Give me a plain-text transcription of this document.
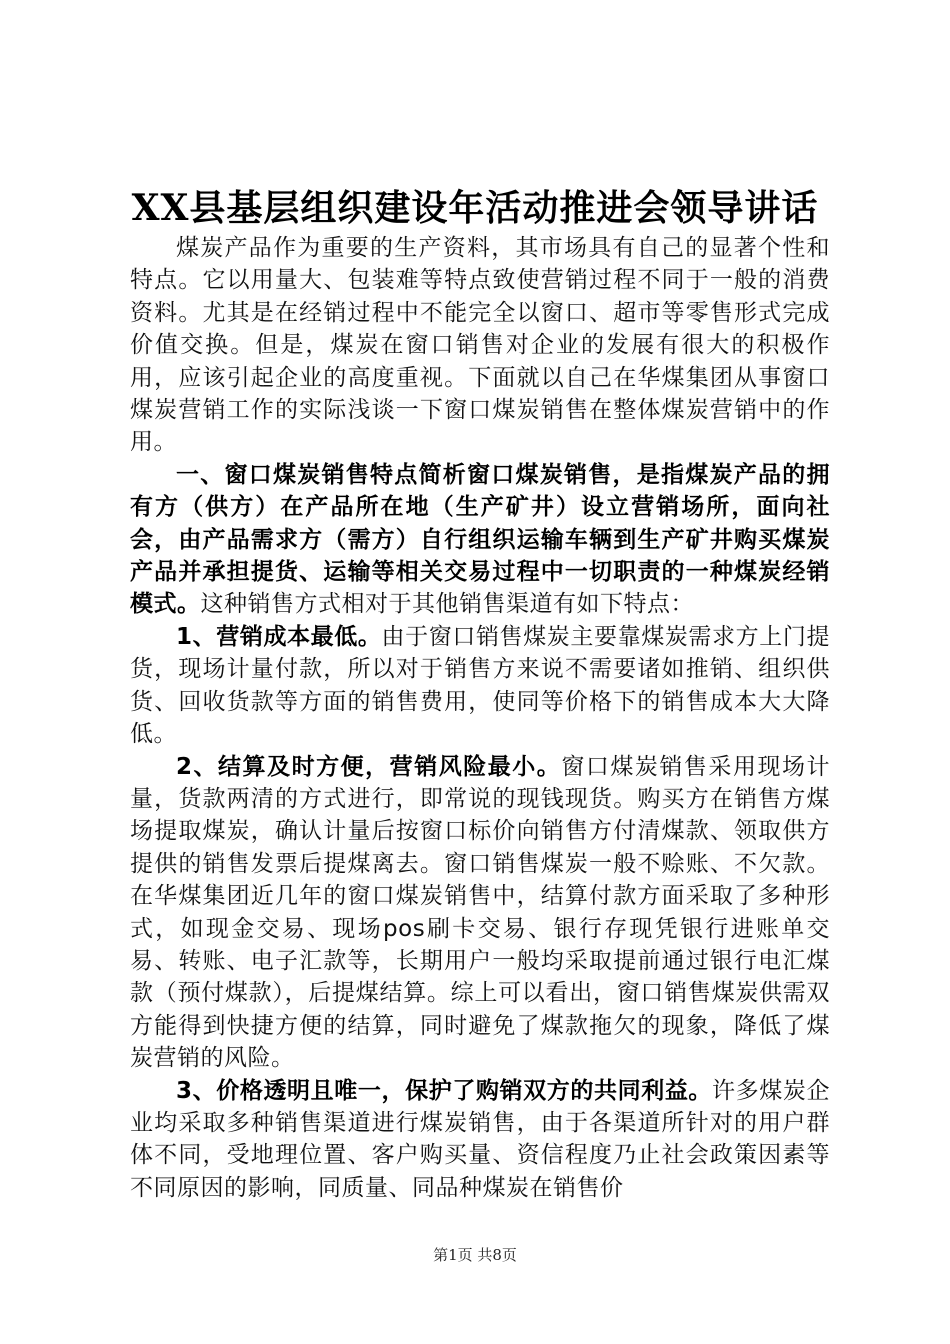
XX县基层组织建设年活动推进会领导讲话

煤炭产品作为重要的生产资料，其市场具有自己的显著个性和特点。它以用量大、包装难等特点致使营销过程不同于一般的消费资料。尤其是在经销过程中不能完全以窗口、超市等零售形式完成价值交换。但是，煤炭在窗口销售对企业的发展有很大的积极作用，应该引起企业的高度重视。下面就以自己在华煤集团从事窗口煤炭营销工作的实际浅谈一下窗口煤炭销售在整体煤炭营销中的作用。

一、窗口煤炭销售特点简析窗口煤炭销售，是指煤炭产品的拥有方（供方）在产品所在地（生产矿井）设立营销场所，面向社会，由产品需求方（需方）自行组织运输车辆到生产矿井购买煤炭产品并承担提货、运输等相关交易过程中一切职责的一种煤炭经销模式。这种销售方式相对于其他销售渠道有如下特点：

1、营销成本最低。由于窗口销售煤炭主要靠煤炭需求方上门提货，现场计量付款，所以对于销售方来说不需要诸如推销、组织供货、回收货款等方面的销售费用，使同等价格下的销售成本大大降低。

2、结算及时方便，营销风险最小。窗口煤炭销售采用现场计量，货款两清的方式进行，即常说的现钱现货。购买方在销售方煤场提取煤炭，确认计量后按窗口标价向销售方付清煤款、领取供方提供的销售发票后提煤离去。窗口销售煤炭一般不赊账、不欠款。在华煤集团近几年的窗口煤炭销售中，结算付款方面采取了多种形式，如现金交易、现场pos刷卡交易、银行存现凭银行进账单交易、转账、电子汇款等，长期用户一般均采取提前通过银行电汇煤款（预付煤款），后提煤结算。综上可以看出，窗口销售煤炭供需双方能得到快捷方便的结算，同时避免了煤款拖欠的现象，降低了煤炭营销的风险。

3、价格透明且唯一，保护了购销双方的共同利益。许多煤炭企业均采取多种销售渠道进行煤炭销售，由于各渠道所针对的用户群体不同，受地理位置、客户购买量、资信程度乃止社会政策因素等不同原因的影响，同质量、同品种煤炭在销售价

第1页 共8页
